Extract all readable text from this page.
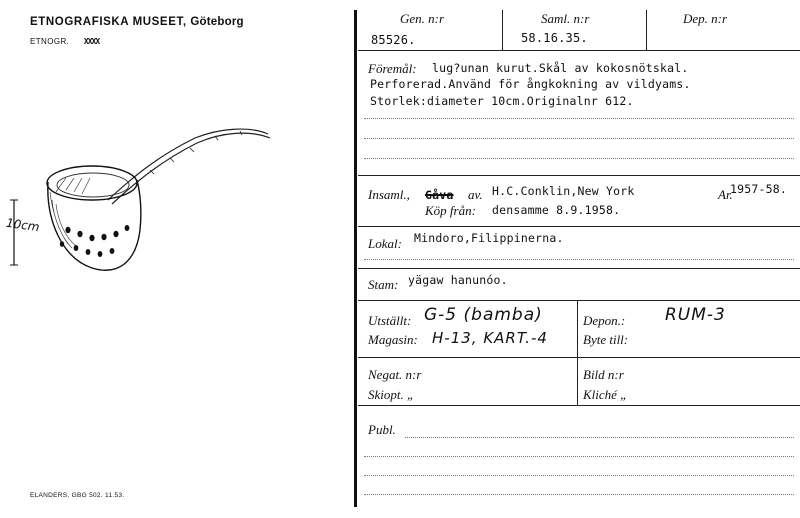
ETNOGRAFISKA MUSEET, Göteborg
ETNOGR. XXXX
10cm
ELANDERS, GBG 502. 11.53.
Gen. n:r	Saml. n:r	Dep. n:r
85526.	58.16.35.
Föremål: lug?unan kurut.Skål av kokosnötskal.
Perforerad.Använd för ångkokning av vildyams.
Storlek:diameter 10cm.Originalnr 612.
Insaml., Gåva av. H.C.Conklin,New York	Ar.
1957-58.
Köp från: densamme 8.9.1958.
Lokal: Mindoro,Filippinerna.
Stam: yägaw hanunóo.
Utställt: G-5 (bamba)	Depon.: RUM-3
Magasin: H-13, KART.-4	Byte till:
Negat. n:r	Bild n:r
Skiopt. „	Kliché „
Publ.
